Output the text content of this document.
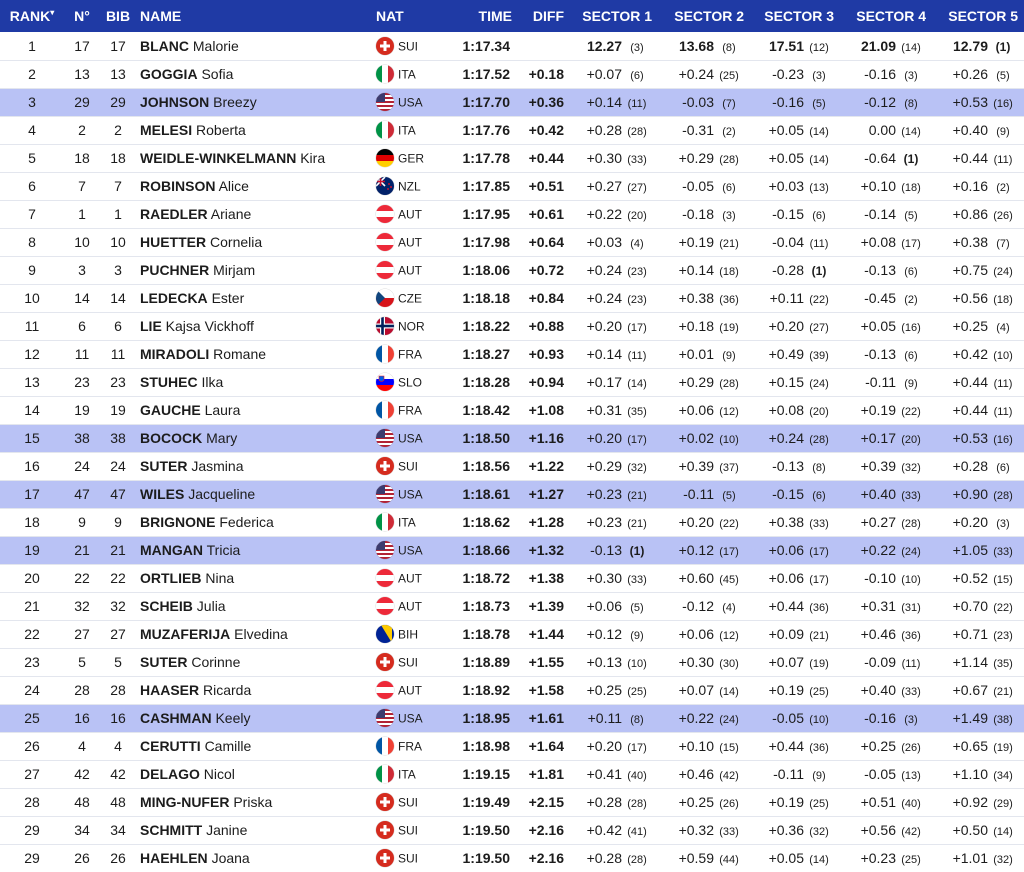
RANK▾	N°	BIB	NAME	NAT	TIME	DIFF	SECTOR 1	SECTOR 2	SECTOR 3	SECTOR 4	SECTOR 5
1	17	17	BLANC Malorie	SUI	1:17.34		12.27 (3)	13.68 (8)	17.51 (12)	21.09 (14)	12.79 (1)
2	13	13	GOGGIA Sofia	ITA	1:17.52	+0.18	+0.07 (6)	+0.24 (25)	-0.23 (3)	-0.16 (3)	+0.26 (5)
3	29	29	JOHNSON Breezy	USA	1:17.70	+0.36	+0.14 (11)	-0.03 (7)	-0.16 (5)	-0.12 (8)	+0.53 (16)
4	2	2	MELESI Roberta	ITA	1:17.76	+0.42	+0.28 (28)	-0.31 (2)	+0.05 (14)	0.00 (14)	+0.40 (9)
5	18	18	WEIDLE-WINKELMANN Kira	GER	1:17.78	+0.44	+0.30 (33)	+0.29 (28)	+0.05 (14)	-0.64 (1)	+0.44 (11)
6	7	7	ROBINSON Alice	NZL	1:17.85	+0.51	+0.27 (27)	-0.05 (6)	+0.03 (13)	+0.10 (18)	+0.16 (2)
7	1	1	RAEDLER Ariane	AUT	1:17.95	+0.61	+0.22 (20)	-0.18 (3)	-0.15 (6)	-0.14 (5)	+0.86 (26)
8	10	10	HUETTER Cornelia	AUT	1:17.98	+0.64	+0.03 (4)	+0.19 (21)	-0.04 (11)	+0.08 (17)	+0.38 (7)
9	3	3	PUCHNER Mirjam	AUT	1:18.06	+0.72	+0.24 (23)	+0.14 (18)	-0.28 (1)	-0.13 (6)	+0.75 (24)
10	14	14	LEDECKA Ester	CZE	1:18.18	+0.84	+0.24 (23)	+0.38 (36)	+0.11 (22)	-0.45 (2)	+0.56 (18)
11	6	6	LIE Kajsa Vickhoff	NOR	1:18.22	+0.88	+0.20 (17)	+0.18 (19)	+0.20 (27)	+0.05 (16)	+0.25 (4)
12	11	11	MIRADOLI Romane	FRA	1:18.27	+0.93	+0.14 (11)	+0.01 (9)	+0.49 (39)	-0.13 (6)	+0.42 (10)
13	23	23	STUHEC Ilka	SLO	1:18.28	+0.94	+0.17 (14)	+0.29 (28)	+0.15 (24)	-0.11 (9)	+0.44 (11)
14	19	19	GAUCHE Laura	FRA	1:18.42	+1.08	+0.31 (35)	+0.06 (12)	+0.08 (20)	+0.19 (22)	+0.44 (11)
15	38	38	BOCOCK Mary	USA	1:18.50	+1.16	+0.20 (17)	+0.02 (10)	+0.24 (28)	+0.17 (20)	+0.53 (16)
16	24	24	SUTER Jasmina	SUI	1:18.56	+1.22	+0.29 (32)	+0.39 (37)	-0.13 (8)	+0.39 (32)	+0.28 (6)
17	47	47	WILES Jacqueline	USA	1:18.61	+1.27	+0.23 (21)	-0.11 (5)	-0.15 (6)	+0.40 (33)	+0.90 (28)
18	9	9	BRIGNONE Federica	ITA	1:18.62	+1.28	+0.23 (21)	+0.20 (22)	+0.38 (33)	+0.27 (28)	+0.20 (3)
19	21	21	MANGAN Tricia	USA	1:18.66	+1.32	-0.13 (1)	+0.12 (17)	+0.06 (17)	+0.22 (24)	+1.05 (33)
20	22	22	ORTLIEB Nina	AUT	1:18.72	+1.38	+0.30 (33)	+0.60 (45)	+0.06 (17)	-0.10 (10)	+0.52 (15)
21	32	32	SCHEIB Julia	AUT	1:18.73	+1.39	+0.06 (5)	-0.12 (4)	+0.44 (36)	+0.31 (31)	+0.70 (22)
22	27	27	MUZAFERIJA Elvedina	BIH	1:18.78	+1.44	+0.12 (9)	+0.06 (12)	+0.09 (21)	+0.46 (36)	+0.71 (23)
23	5	5	SUTER Corinne	SUI	1:18.89	+1.55	+0.13 (10)	+0.30 (30)	+0.07 (19)	-0.09 (11)	+1.14 (35)
24	28	28	HAASER Ricarda	AUT	1:18.92	+1.58	+0.25 (25)	+0.07 (14)	+0.19 (25)	+0.40 (33)	+0.67 (21)
25	16	16	CASHMAN Keely	USA	1:18.95	+1.61	+0.11 (8)	+0.22 (24)	-0.05 (10)	-0.16 (3)	+1.49 (38)
26	4	4	CERUTTI Camille	FRA	1:18.98	+1.64	+0.20 (17)	+0.10 (15)	+0.44 (36)	+0.25 (26)	+0.65 (19)
27	42	42	DELAGO Nicol	ITA	1:19.15	+1.81	+0.41 (40)	+0.46 (42)	-0.11 (9)	-0.05 (13)	+1.10 (34)
28	48	48	MING-NUFER Priska	SUI	1:19.49	+2.15	+0.28 (28)	+0.25 (26)	+0.19 (25)	+0.51 (40)	+0.92 (29)
29	34	34	SCHMITT Janine	SUI	1:19.50	+2.16	+0.42 (41)	+0.32 (33)	+0.36 (32)	+0.56 (42)	+0.50 (14)
29	26	26	HAEHLEN Joana	SUI	1:19.50	+2.16	+0.28 (28)	+0.59 (44)	+0.05 (14)	+0.23 (25)	+1.01 (32)
